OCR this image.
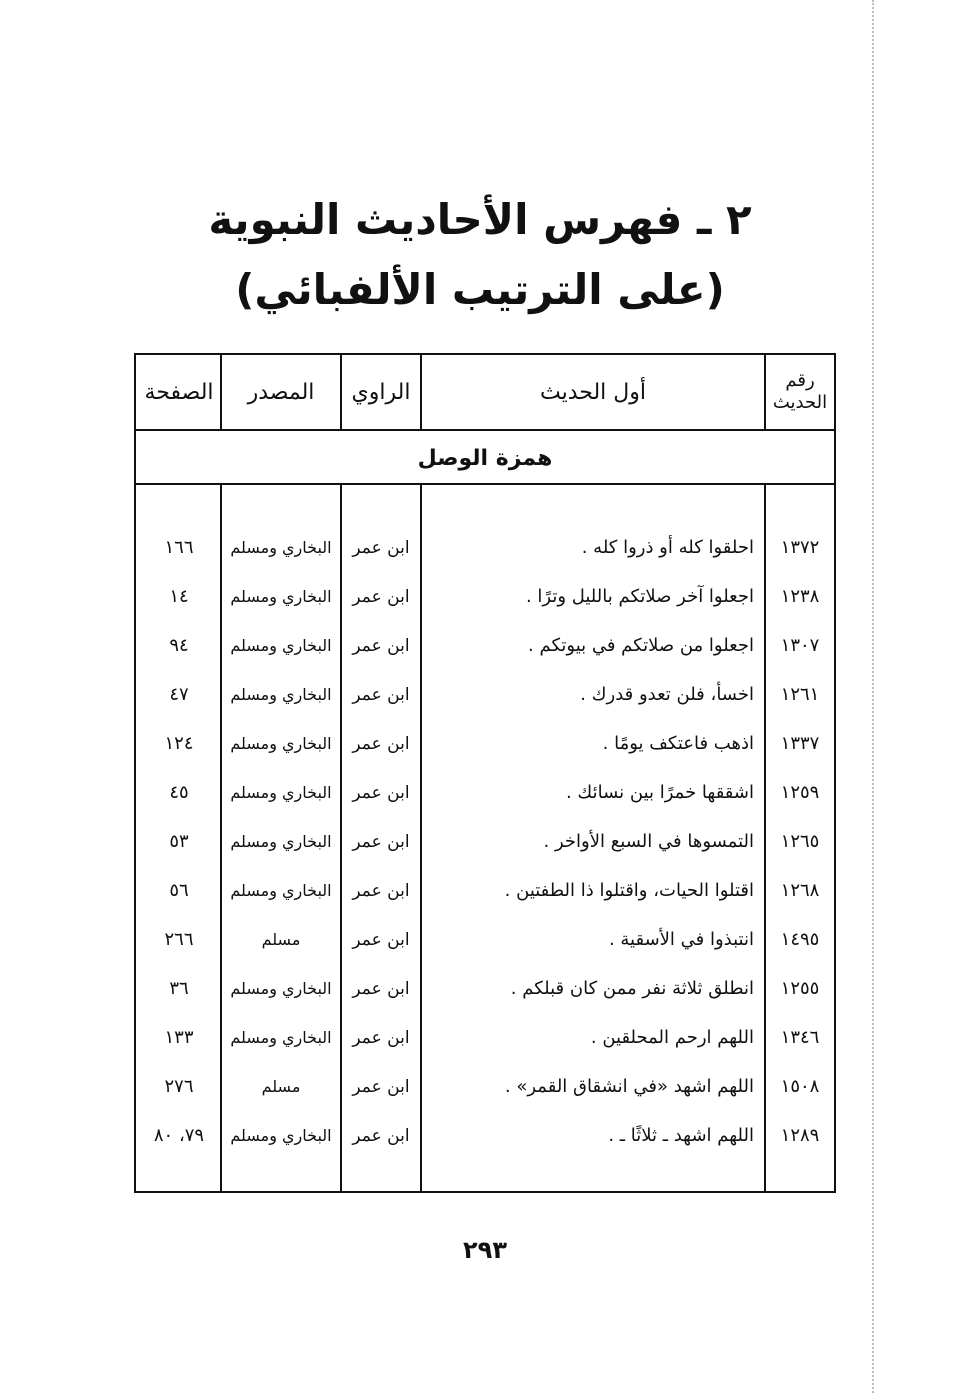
٢ ـ فهرس الأحاديث النبوية
(على الترتيب الألفبائي)
رقم الحديث
أول الحديث
الراوي
المصدر
الصفحة
همزة الوصل
١٣٧٢
احلقوا كله أو ذروا كله .
ابن عمر
البخاري ومسلم
١٦٦
١٢٣٨
اجعلوا آخر صلاتكم بالليل وترًا .
ابن عمر
البخاري ومسلم
١٤
١٣٠٧
اجعلوا من صلاتكم في بيوتكم .
ابن عمر
البخاري ومسلم
٩٤
١٢٦١
اخسأ، فلن تعدو قدرك .
ابن عمر
البخاري ومسلم
٤٧
١٣٣٧
اذهب فاعتكف يومًا .
ابن عمر
البخاري ومسلم
١٢٤
١٢٥٩
اشققها خمرًا بين نسائك .
ابن عمر
البخاري ومسلم
٤٥
١٢٦٥
التمسوها في السبع الأواخر .
ابن عمر
البخاري ومسلم
٥٣
١٢٦٨
اقتلوا الحيات، واقتلوا ذا الطفتين .
ابن عمر
البخاري ومسلم
٥٦
١٤٩٥
انتبذوا في الأسقية .
ابن عمر
مسلم
٢٦٦
١٢٥٥
انطلق ثلاثة نفر ممن كان قبلكم .
ابن عمر
البخاري ومسلم
٣٦
١٣٤٦
اللهم ارحم المحلقين .
ابن عمر
البخاري ومسلم
١٣٣
١٥٠٨
اللهم اشهد «في انشقاق القمر» .
ابن عمر
مسلم
٢٧٦
١٢٨٩
اللهم اشهد ـ ثلاثًا ـ .
ابن عمر
البخاري ومسلم
٧٩، ٨٠
٢٩٣
